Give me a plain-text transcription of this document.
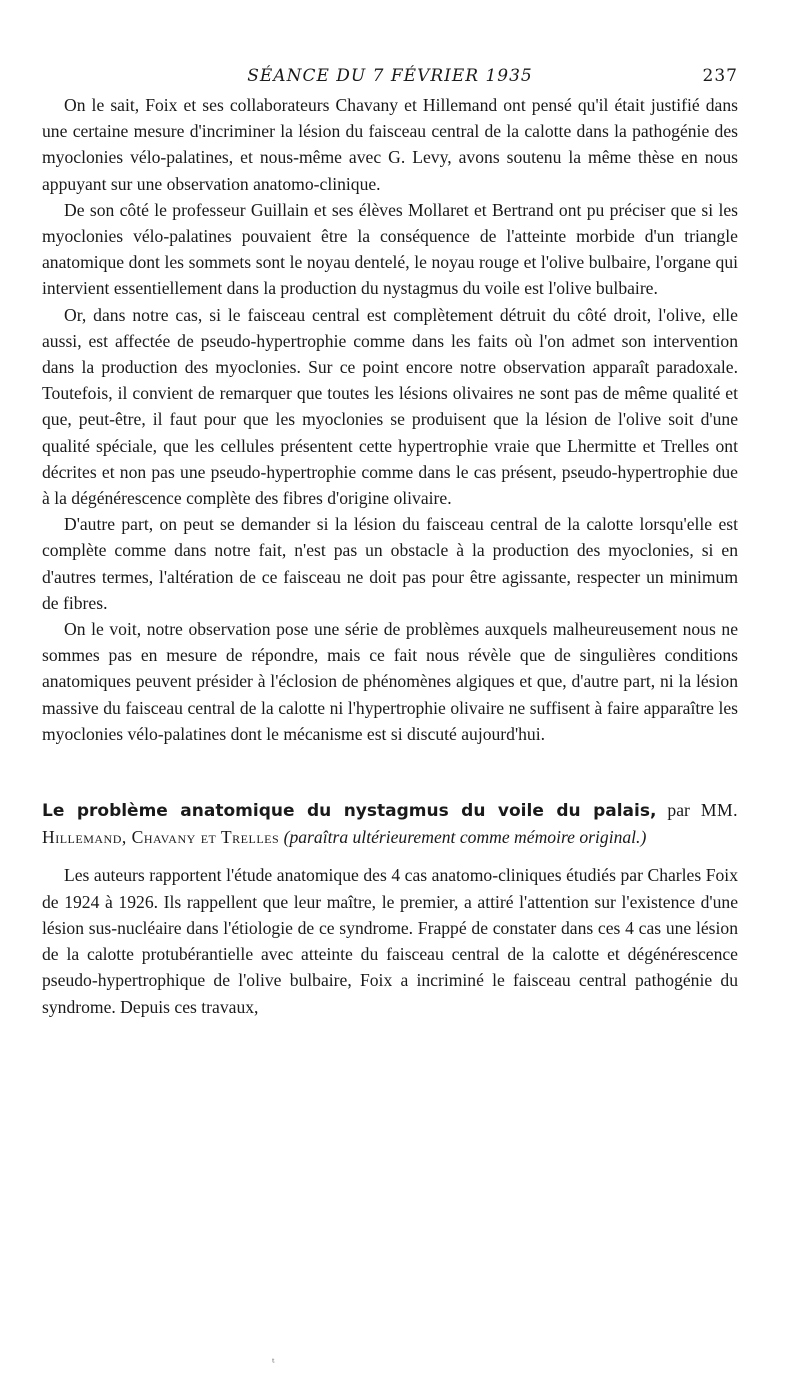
SÉANCE DU 7 FÉVRIER 1935	237

On le sait, Foix et ses collaborateurs Chavany et Hillemand ont pensé qu'il était justifié dans une certaine mesure d'incriminer la lésion du faisceau central de la calotte dans la pathogénie des myoclonies vélo-palatines, et nous-même avec G. Levy, avons soutenu la même thèse en nous appuyant sur une observation anatomo-clinique.

De son côté le professeur Guillain et ses élèves Mollaret et Bertrand ont pu préciser que si les myoclonies vélo-palatines pouvaient être la conséquence de l'atteinte morbide d'un triangle anatomique dont les sommets sont le noyau dentelé, le noyau rouge et l'olive bulbaire, l'organe qui intervient essentiellement dans la production du nystagmus du voile est l'olive bulbaire.

Or, dans notre cas, si le faisceau central est complètement détruit du côté droit, l'olive, elle aussi, est affectée de pseudo-hypertrophie comme dans les faits où l'on admet son intervention dans la production des myoclonies. Sur ce point encore notre observation apparaît paradoxale. Toutefois, il convient de remarquer que toutes les lésions olivaires ne sont pas de même qualité et que, peut-être, il faut pour que les myoclonies se produisent que la lésion de l'olive soit d'une qualité spéciale, que les cellules présentent cette hypertrophie vraie que Lhermitte et Trelles ont décrites et non pas une pseudo-hypertrophie comme dans le cas présent, pseudo-hypertrophie due à la dégénérescence complète des fibres d'origine olivaire.

D'autre part, on peut se demander si la lésion du faisceau central de la calotte lorsqu'elle est complète comme dans notre fait, n'est pas un obstacle à la production des myoclonies, si en d'autres termes, l'altération de ce faisceau ne doit pas pour être agissante, respecter un minimum de fibres.

On le voit, notre observation pose une série de problèmes auxquels malheureusement nous ne sommes pas en mesure de répondre, mais ce fait nous révèle que de singulières conditions anatomiques peuvent présider à l'éclosion de phénomènes algiques et que, d'autre part, ni la lésion massive du faisceau central de la calotte ni l'hypertrophie olivaire ne suffisent à faire apparaître les myoclonies vélo-palatines dont le mécanisme est si discuté aujourd'hui.

Le problème anatomique du nystagmus du voile du palais, par MM. Hillemand, Chavany et Trelles (paraîtra ultérieurement comme mémoire original.)

Les auteurs rapportent l'étude anatomique des 4 cas anatomo-cliniques étudiés par Charles Foix de 1924 à 1926. Ils rappellent que leur maître, le premier, a attiré l'attention sur l'existence d'une lésion sus-nucléaire dans l'étiologie de ce syndrome. Frappé de constater dans ces 4 cas une lésion de la calotte protubérantielle avec atteinte du faisceau central de la calotte et dégénérescence pseudo-hypertrophique de l'olive bulbaire, Foix a incriminé le faisceau central pathogénie du syndrome. Depuis ces travaux,

ᵗ
